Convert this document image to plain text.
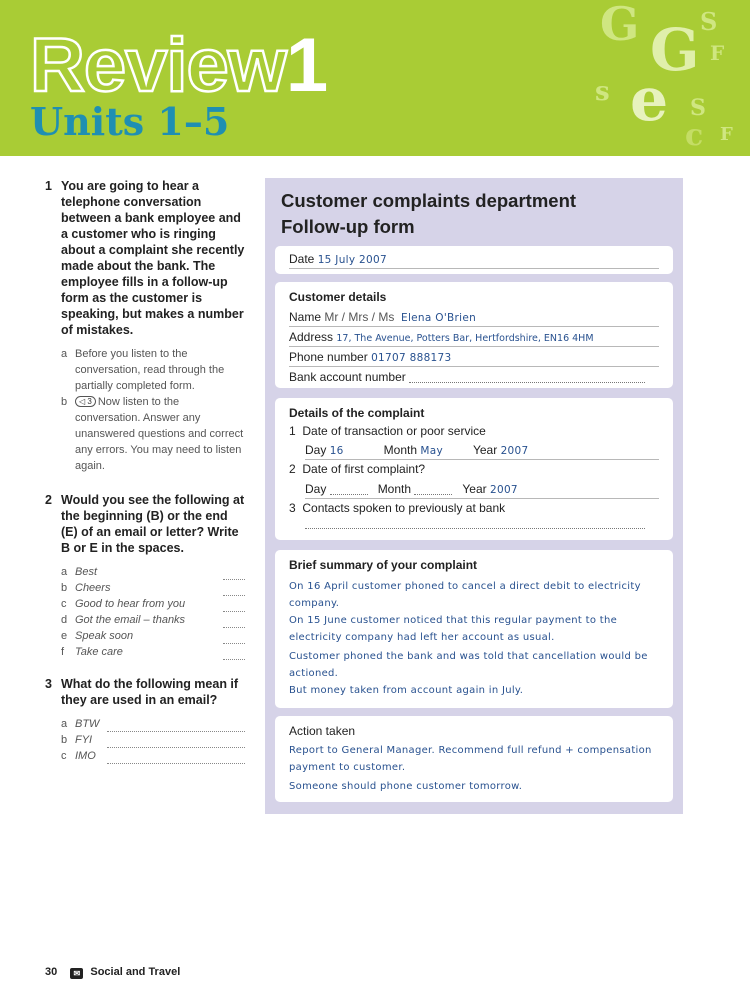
Review1
Units 1–5
G G
e
S
F
S
F
s
c
1 You are going to hear a telephone conversation between a bank employee and a customer who is ringing about a complaint she recently made about the bank. The employee fills in a follow-up form as the customer is speaking, but makes a number of mistakes.
a Before you listen to the conversation, read through the partially completed form.
b ◁ 3 Now listen to the conversation. Answer any unanswered questions and correct any errors. You may need to listen again.
2 Would you see the following at the beginning (B) or the end (E) of an email or letter? Write B or E in the spaces.
a Best
b Cheers
c Good to hear from you
d Got the email – thanks
e Speak soon
f Take care
3 What do the following mean if they are used in an email?
a BTW
b FYI
c IMO
Customer complaints department
Follow-up form
Date 15 July 2007
Customer details
Name Mr / Mrs / Ms Elena O'Brien
Address 17, The Avenue, Potters Bar, Hertfordshire, EN16 4HM
Phone number 01707 888173
Bank account number
Details of the complaint
1 Date of transaction or poor service
Day 16	Month May	Year 2007
2 Date of first complaint?
Day	Month	Year 2007
3 Contacts spoken to previously at bank
Brief summary of your complaint
On 16 April customer phoned to cancel a direct debit to electricity company.
On 15 June customer noticed that this regular payment to the electricity company had left her account as usual.
Customer phoned the bank and was told that cancellation would be actioned.
But money taken from account again in July.
Action taken
Report to General Manager. Recommend full refund + compensation payment to customer.
Someone should phone customer tomorrow.
30 ✉ Social and Travel
